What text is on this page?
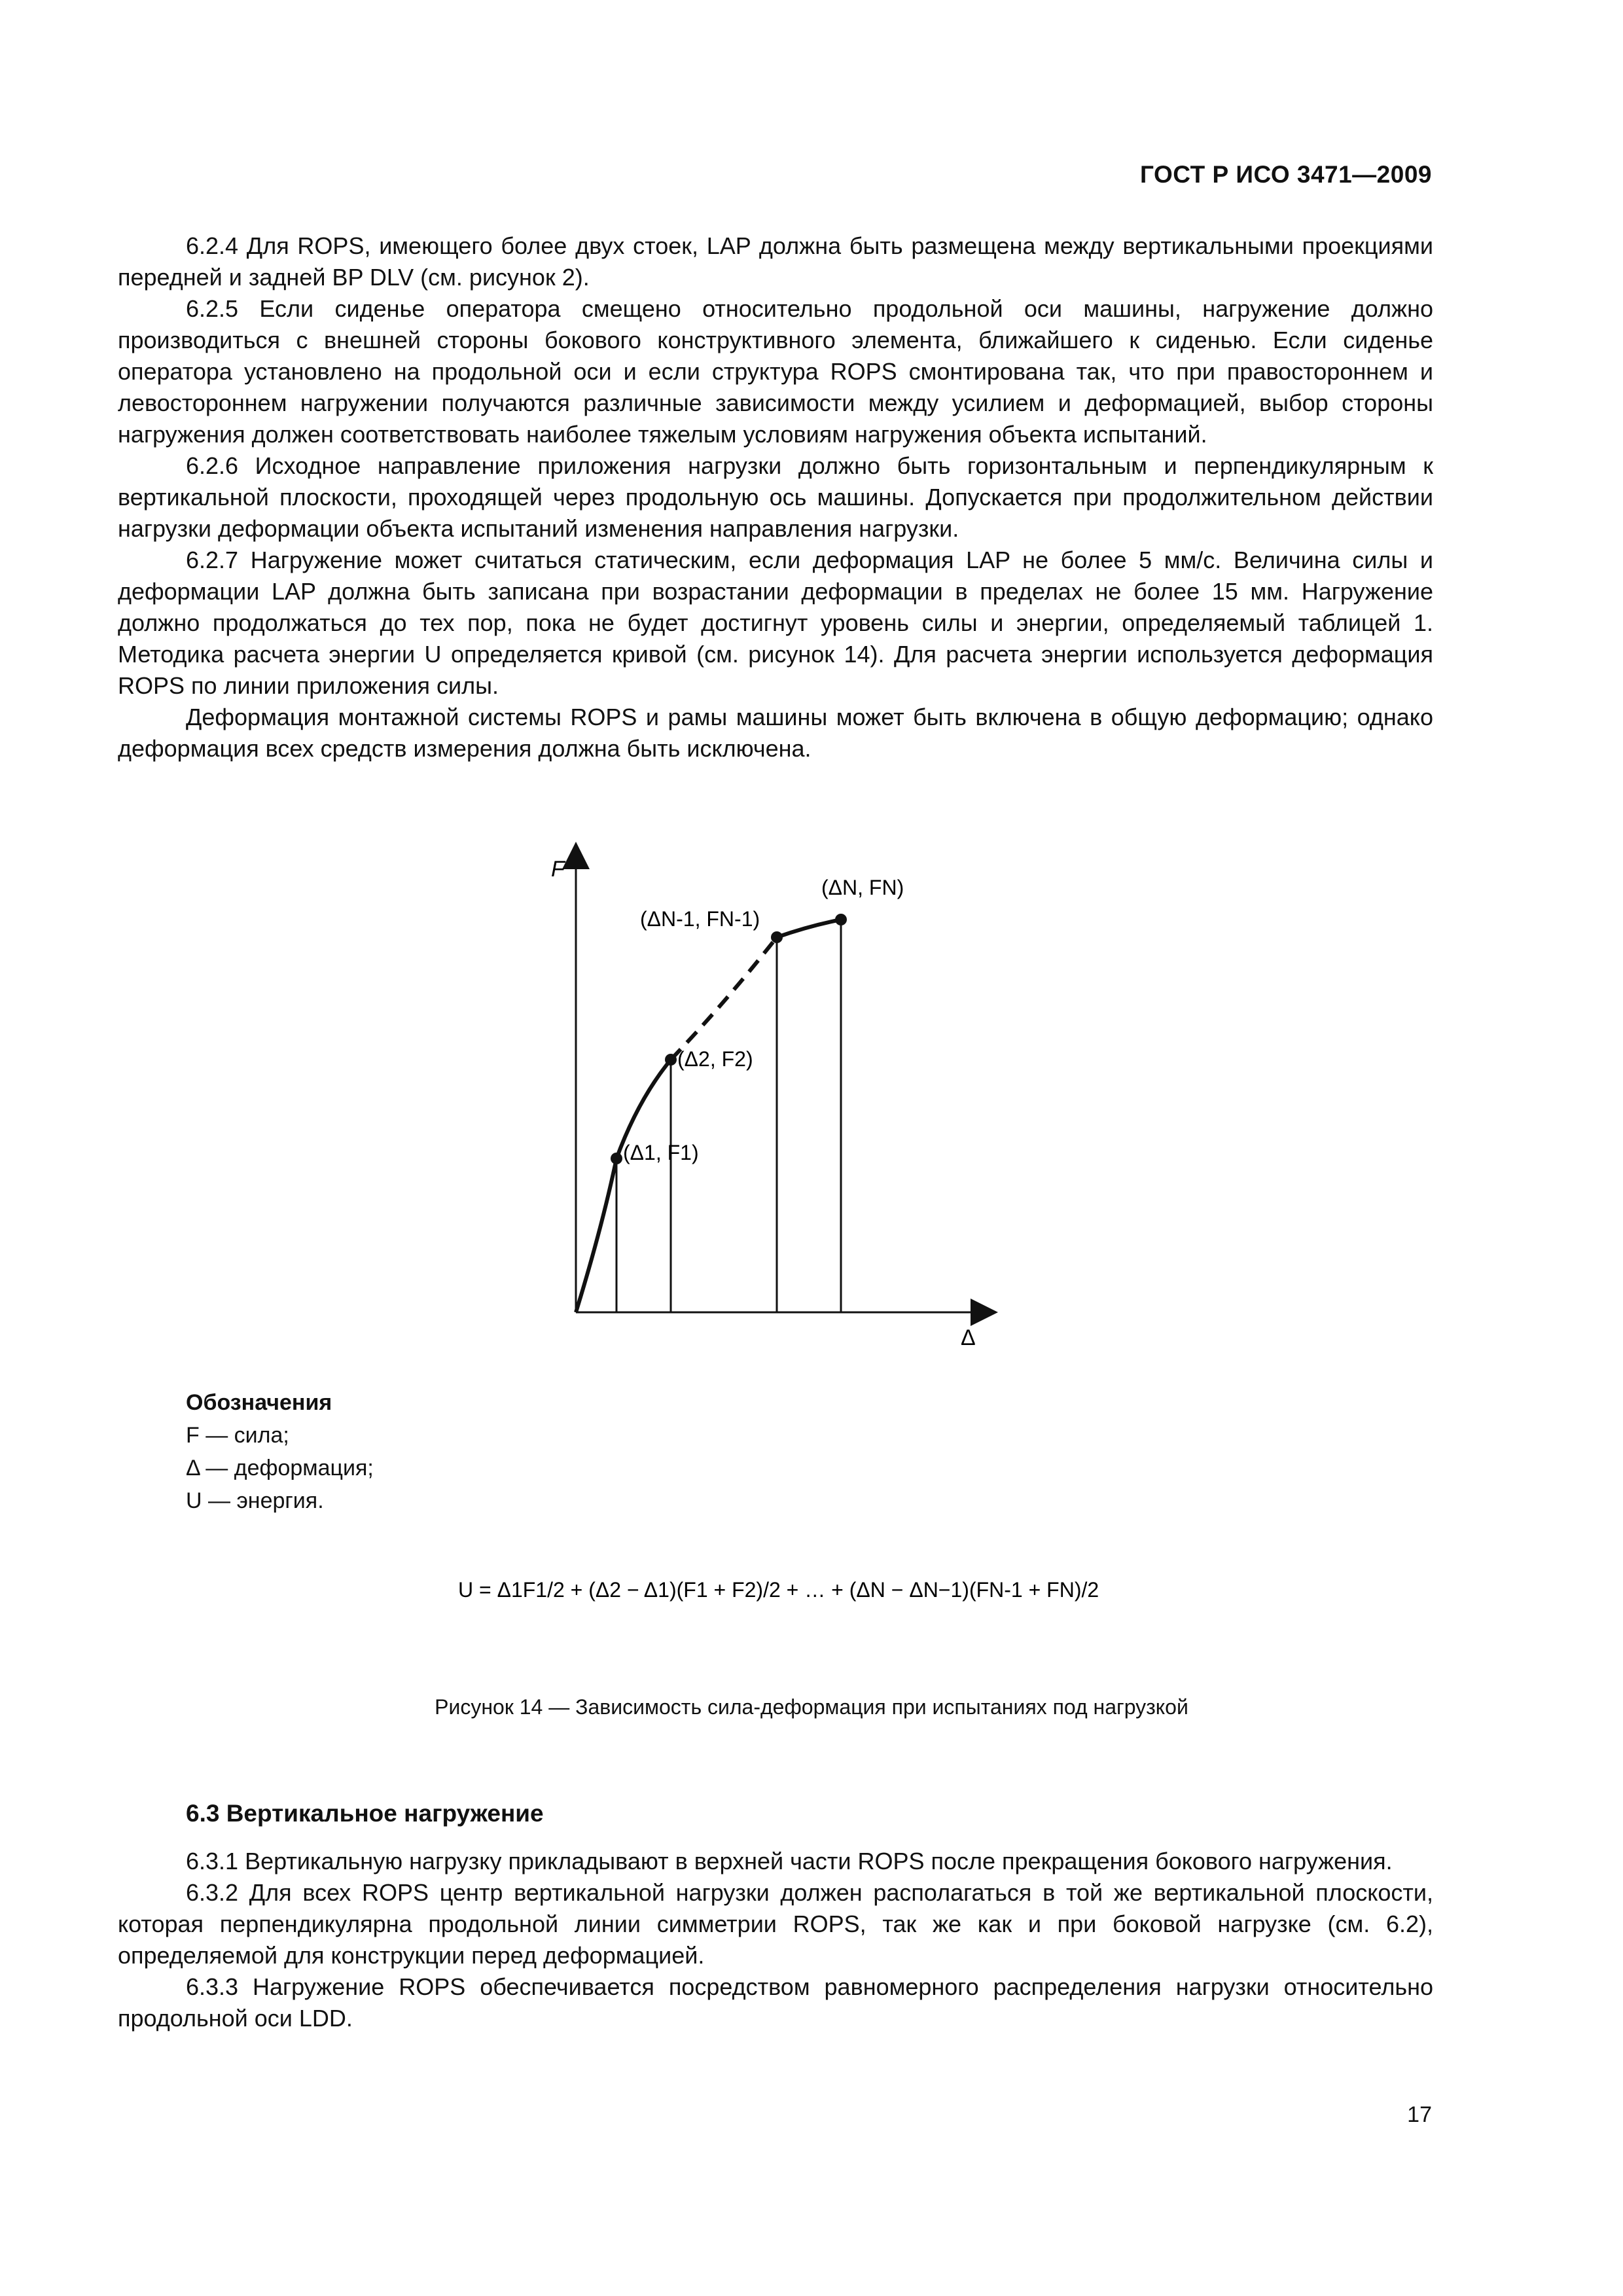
ГОСТ Р ИСО 3471—2009

6.2.4 Для ROPS, имеющего более двух стоек, LAP должна быть размещена между вертикальными проекциями передней и задней BP DLV (см. рисунок 2).

6.2.5 Если сиденье оператора смещено относительно продольной оси машины, нагружение должно производиться с внешней стороны бокового конструктивного элемента, ближайшего к сиденью. Если сиденье оператора установлено на продольной оси и если структура ROPS смонтирована так, что при правостороннем и левостороннем нагружении получаются различные зависимости между усилием и деформацией, выбор стороны нагружения должен соответствовать наиболее тяжелым условиям нагружения объекта испытаний.

6.2.6 Исходное направление приложения нагрузки должно быть горизонтальным и перпендикулярным к вертикальной плоскости, проходящей через продольную ось машины. Допускается при продолжительном действии нагрузки деформации объекта испытаний изменения направления нагрузки.

6.2.7 Нагружение может считаться статическим, если деформация LAP не более 5 мм/с. Величина силы и деформации LAP должна быть записана при возрастании деформации в пределах не более 15 мм. Нагружение должно продолжаться до тех пор, пока не будет достигнут уровень силы и энергии, определяемый таблицей 1. Методика расчета энергии U определяется кривой (см. рисунок 14). Для расчета энергии используется деформация ROPS по линии приложения силы.

Деформация монтажной системы ROPS и рамы машины может быть включена в общую деформацию; однако деформация всех средств измерения должна быть исключена.

F
Δ
(Δ1, F1)
(Δ2, F2)
(ΔN-1, FN-1)
(ΔN, FN)
Обозначения
F — сила;
Δ — деформация;
U — энергия.
U = Δ1F1/2 + (Δ2 − Δ1)(F1 + F2)/2 + … + (ΔN − ΔN−1)(FN-1 + FN)/2
Рисунок 14 — Зависимость сила-деформация при испытаниях под нагрузкой
6.3 Вертикальное нагружение

6.3.1 Вертикальную нагрузку прикладывают в верхней части ROPS после прекращения бокового нагружения.

6.3.2 Для всех ROPS центр вертикальной нагрузки должен располагаться в той же вертикальной плоскости, которая перпендикулярна продольной линии симметрии ROPS, так же как и при боковой нагрузке (см. 6.2), определяемой для конструкции перед деформацией.

6.3.3 Нагружение ROPS обеспечивается посредством равномерного распределения нагрузки относительно продольной оси LDD.

17
